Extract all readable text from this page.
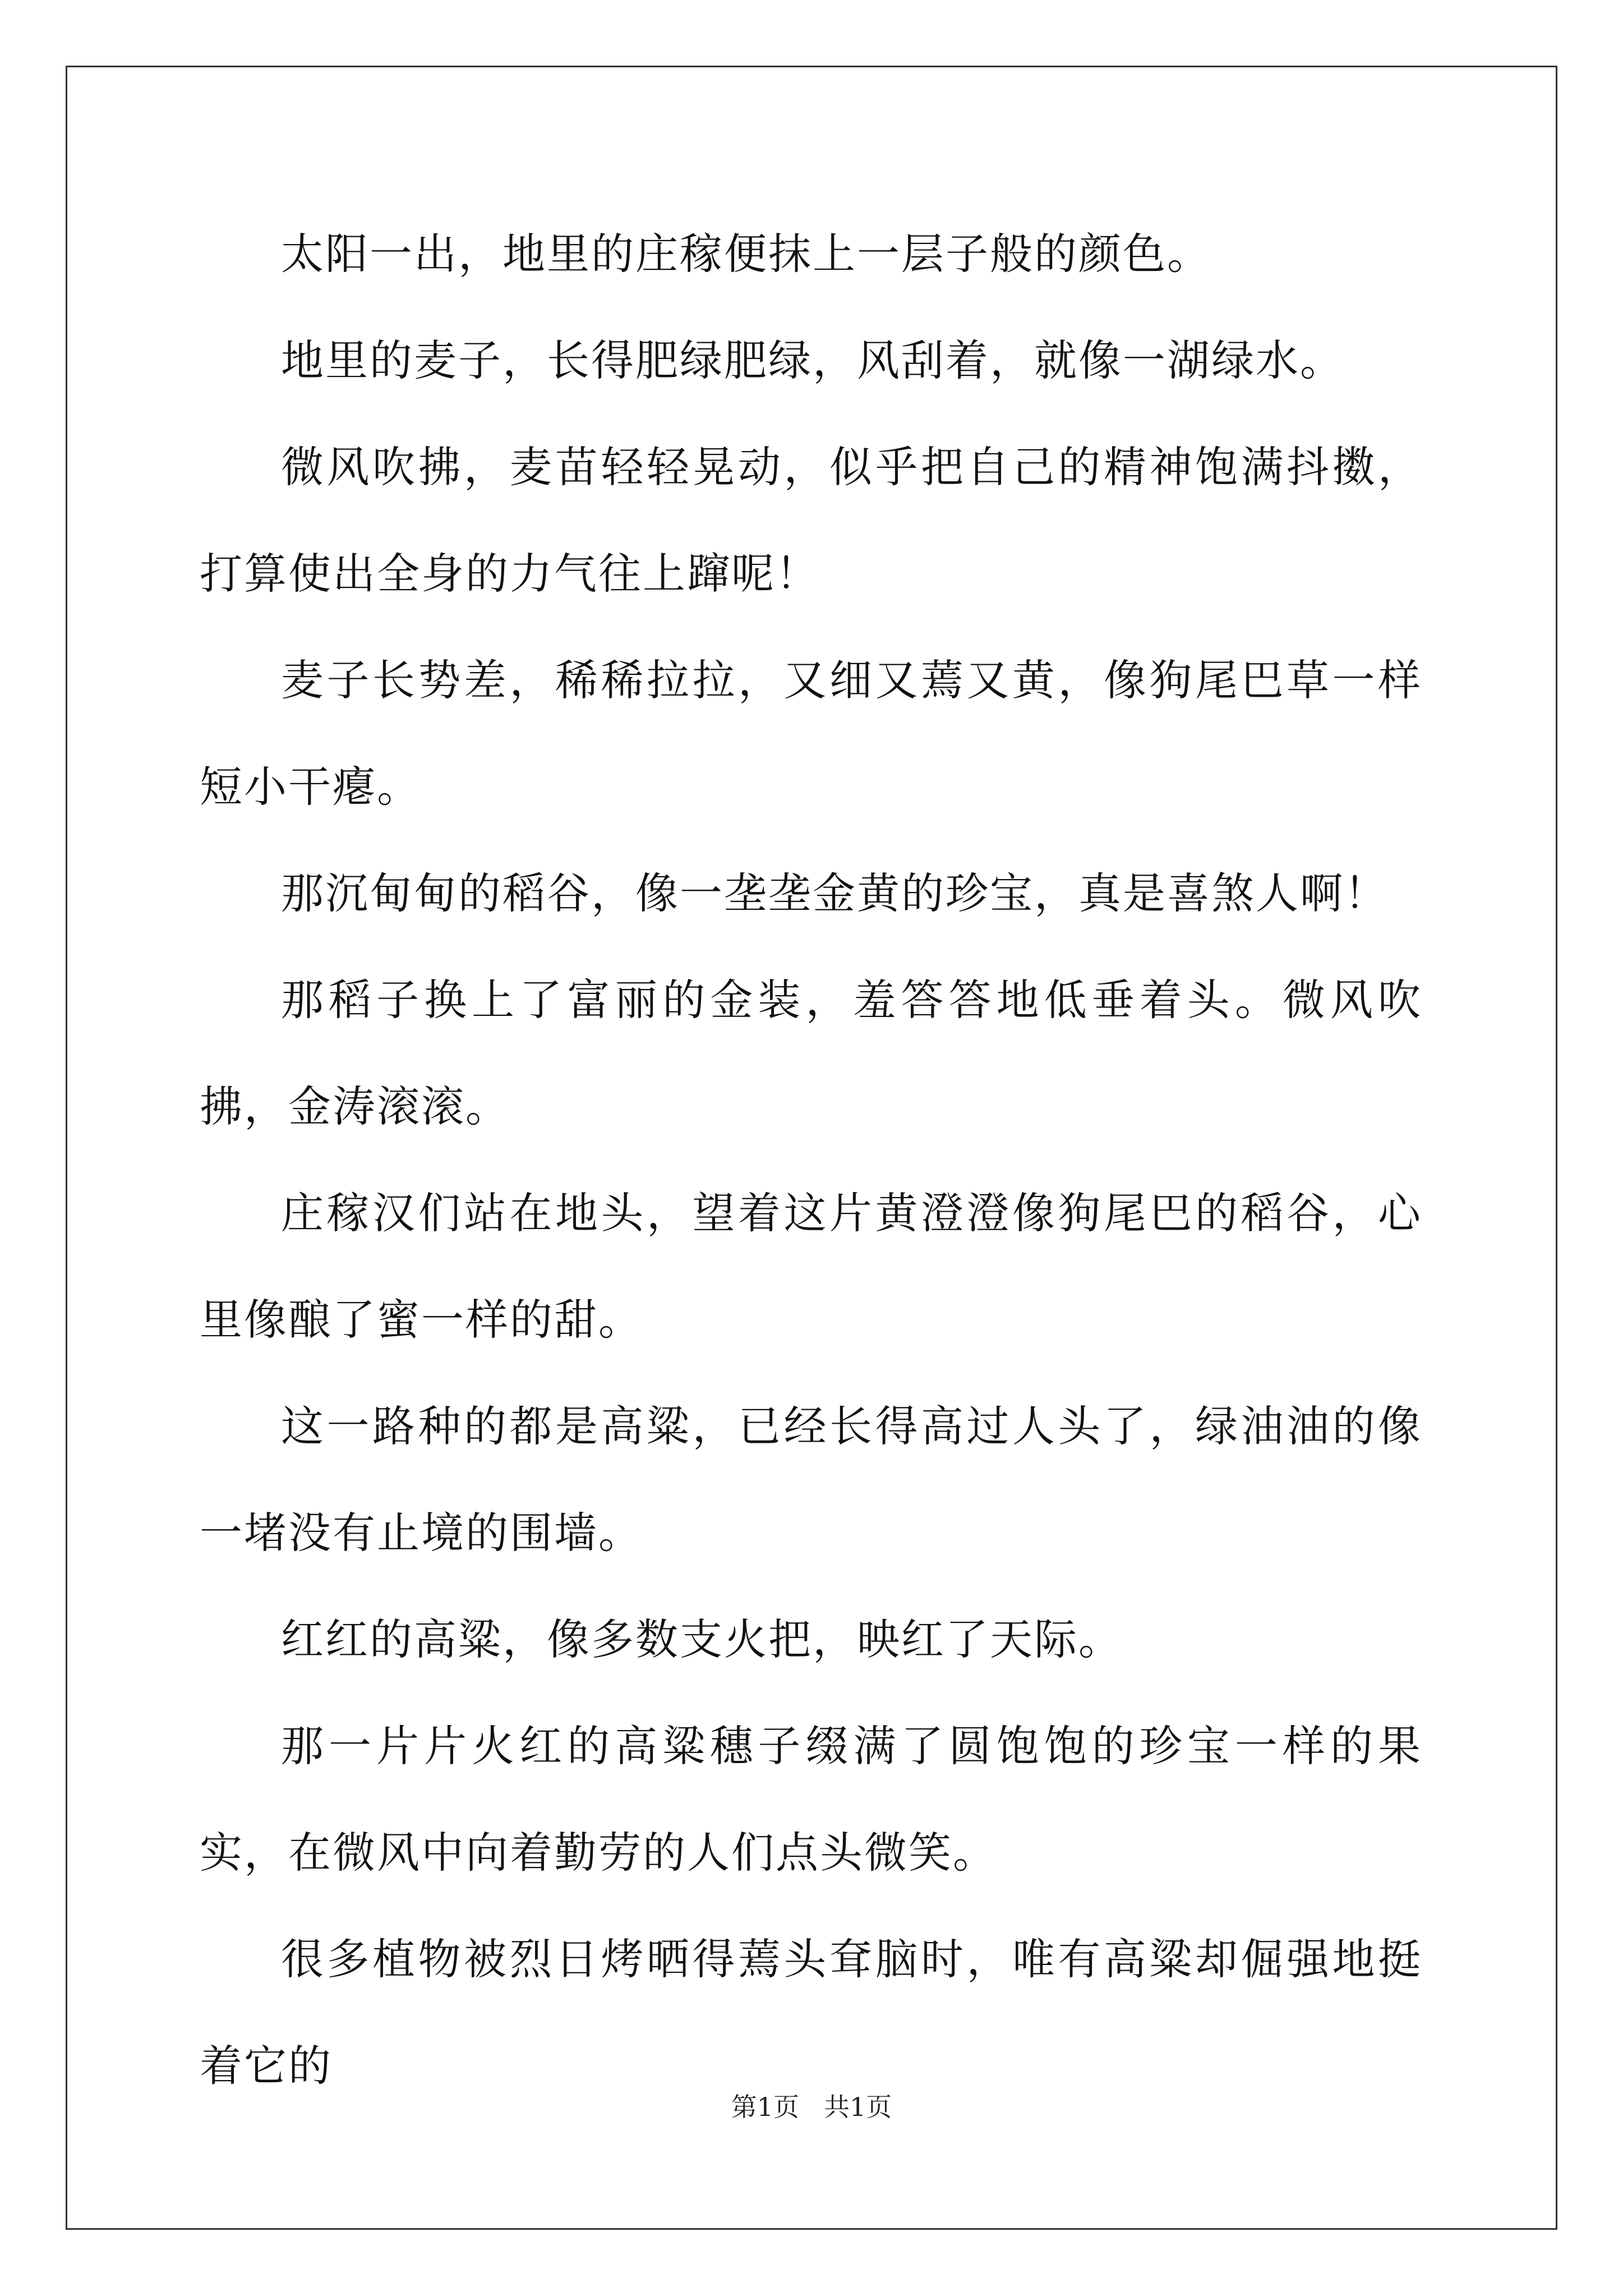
太阳一出，地里的庄稼便抹上一层子般的颜色。

地里的麦子，长得肥绿肥绿，风刮着，就像一湖绿水。

微风吹拂，麦苗轻轻晃动，似乎把自己的精神饱满抖擞，打算使出全身的力气往上蹿呢！

麦子长势差，稀稀拉拉，又细又蔫又黄，像狗尾巴草一样短小干瘪。

那沉甸甸的稻谷，像一垄垄金黄的珍宝，真是喜煞人啊！

那稻子换上了富丽的金装，羞答答地低垂着头。微风吹拂，金涛滚滚。

庄稼汉们站在地头，望着这片黄澄澄像狗尾巴的稻谷，心里像酿了蜜一样的甜。

这一路种的都是高粱，已经长得高过人头了，绿油油的像一堵没有止境的围墙。

红红的高粱，像多数支火把，映红了天际。

那一片片火红的高粱穗子缀满了圆饱饱的珍宝一样的果实，在微风中向着勤劳的人们点头微笑。

很多植物被烈日烤晒得蔫头耷脑时，唯有高粱却倔强地挺着它的

第1页 共1页
